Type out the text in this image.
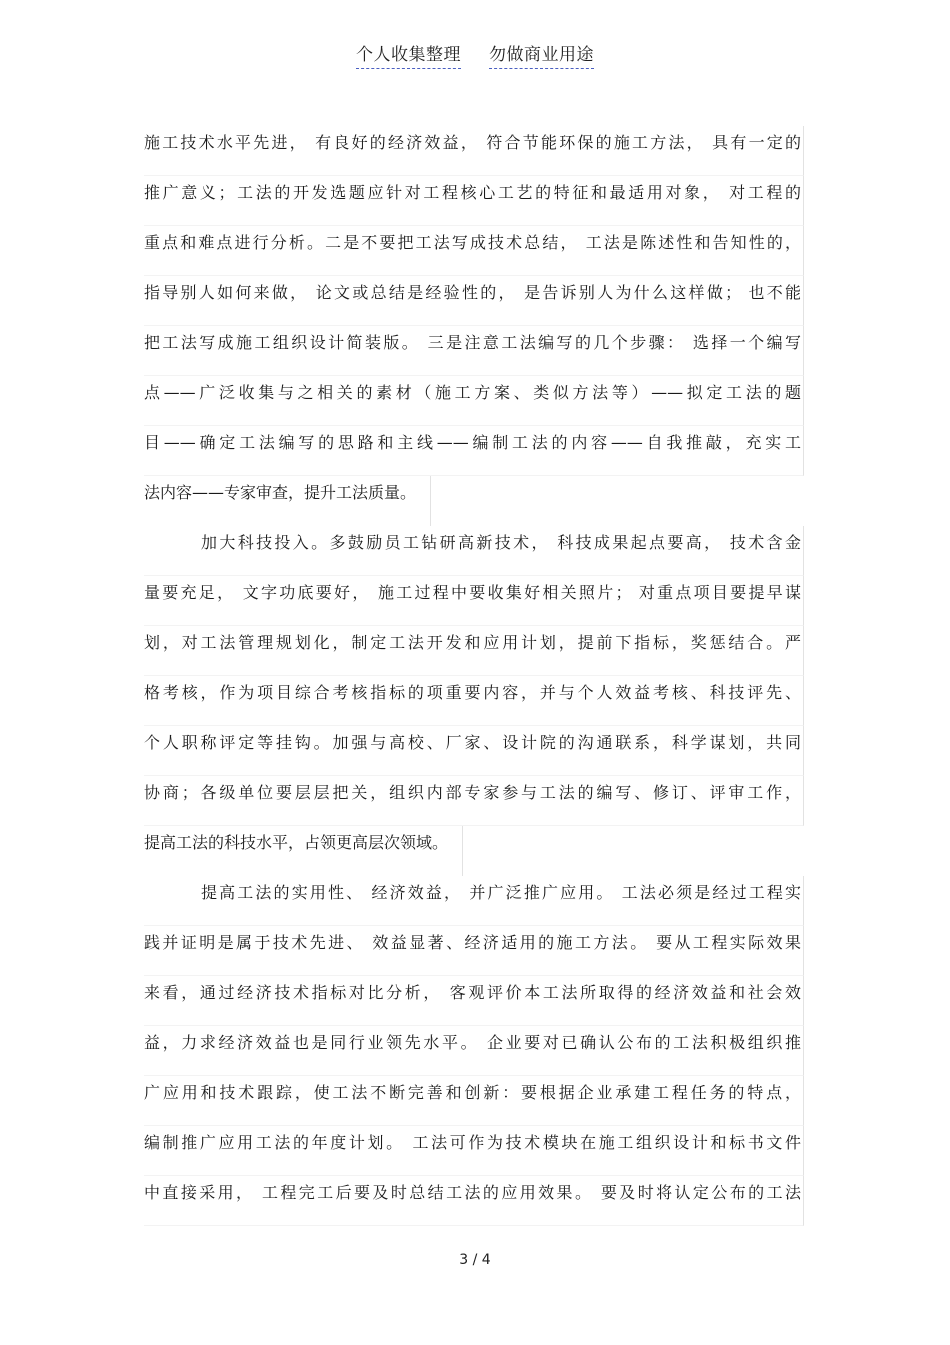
个人收集整理 勿做商业用途
施工技术水平先进， 有良好的经济效益， 符合节能环保的施工方法， 具有一定的
推广意义；工法的开发选题应针对工程核心工艺的特征和最适用对象， 对工程的
重点和难点进行分析。二是不要把工法写成技术总结， 工法是陈述性和告知性的，
指导别人如何来做， 论文或总结是经验性的， 是告诉别人为什么这样做； 也不能
把工法写成施工组织设计简装版。 三是注意工法编写的几个步骤： 选择一个编写
点——广泛收集与之相关的素材（施工方案、类似方法等）——拟定工法的题
目——确定工法编写的思路和主线——编制工法的内容——自我推敲，充实工
法内容——专家审查，提升工法质量。
加大科技投入。多鼓励员工钻研高新技术， 科技成果起点要高， 技术含金
量要充足， 文字功底要好， 施工过程中要收集好相关照片； 对重点项目要提早谋
划，对工法管理规划化，制定工法开发和应用计划，提前下指标，奖惩结合。严
格考核，作为项目综合考核指标的项重要内容，并与个人效益考核、科技评先、
个人职称评定等挂钩。加强与高校、厂家、设计院的沟通联系，科学谋划，共同
协商；各级单位要层层把关，组织内部专家参与工法的编写、修订、评审工作，
提高工法的科技水平，占领更高层次领域。
提高工法的实用性、 经济效益， 并广泛推广应用。 工法必须是经过工程实
践并证明是属于技术先进、 效益显著、经济适用的施工方法。 要从工程实际效果
来看，通过经济技术指标对比分析， 客观评价本工法所取得的经济效益和社会效
益，力求经济效益也是同行业领先水平。 企业要对已确认公布的工法积极组织推
广应用和技术跟踪，使工法不断完善和创新：要根据企业承建工程任务的特点，
编制推广应用工法的年度计划。 工法可作为技术模块在施工组织设计和标书文件
中直接采用， 工程完工后要及时总结工法的应用效果。 要及时将认定公布的工法
3 / 4
